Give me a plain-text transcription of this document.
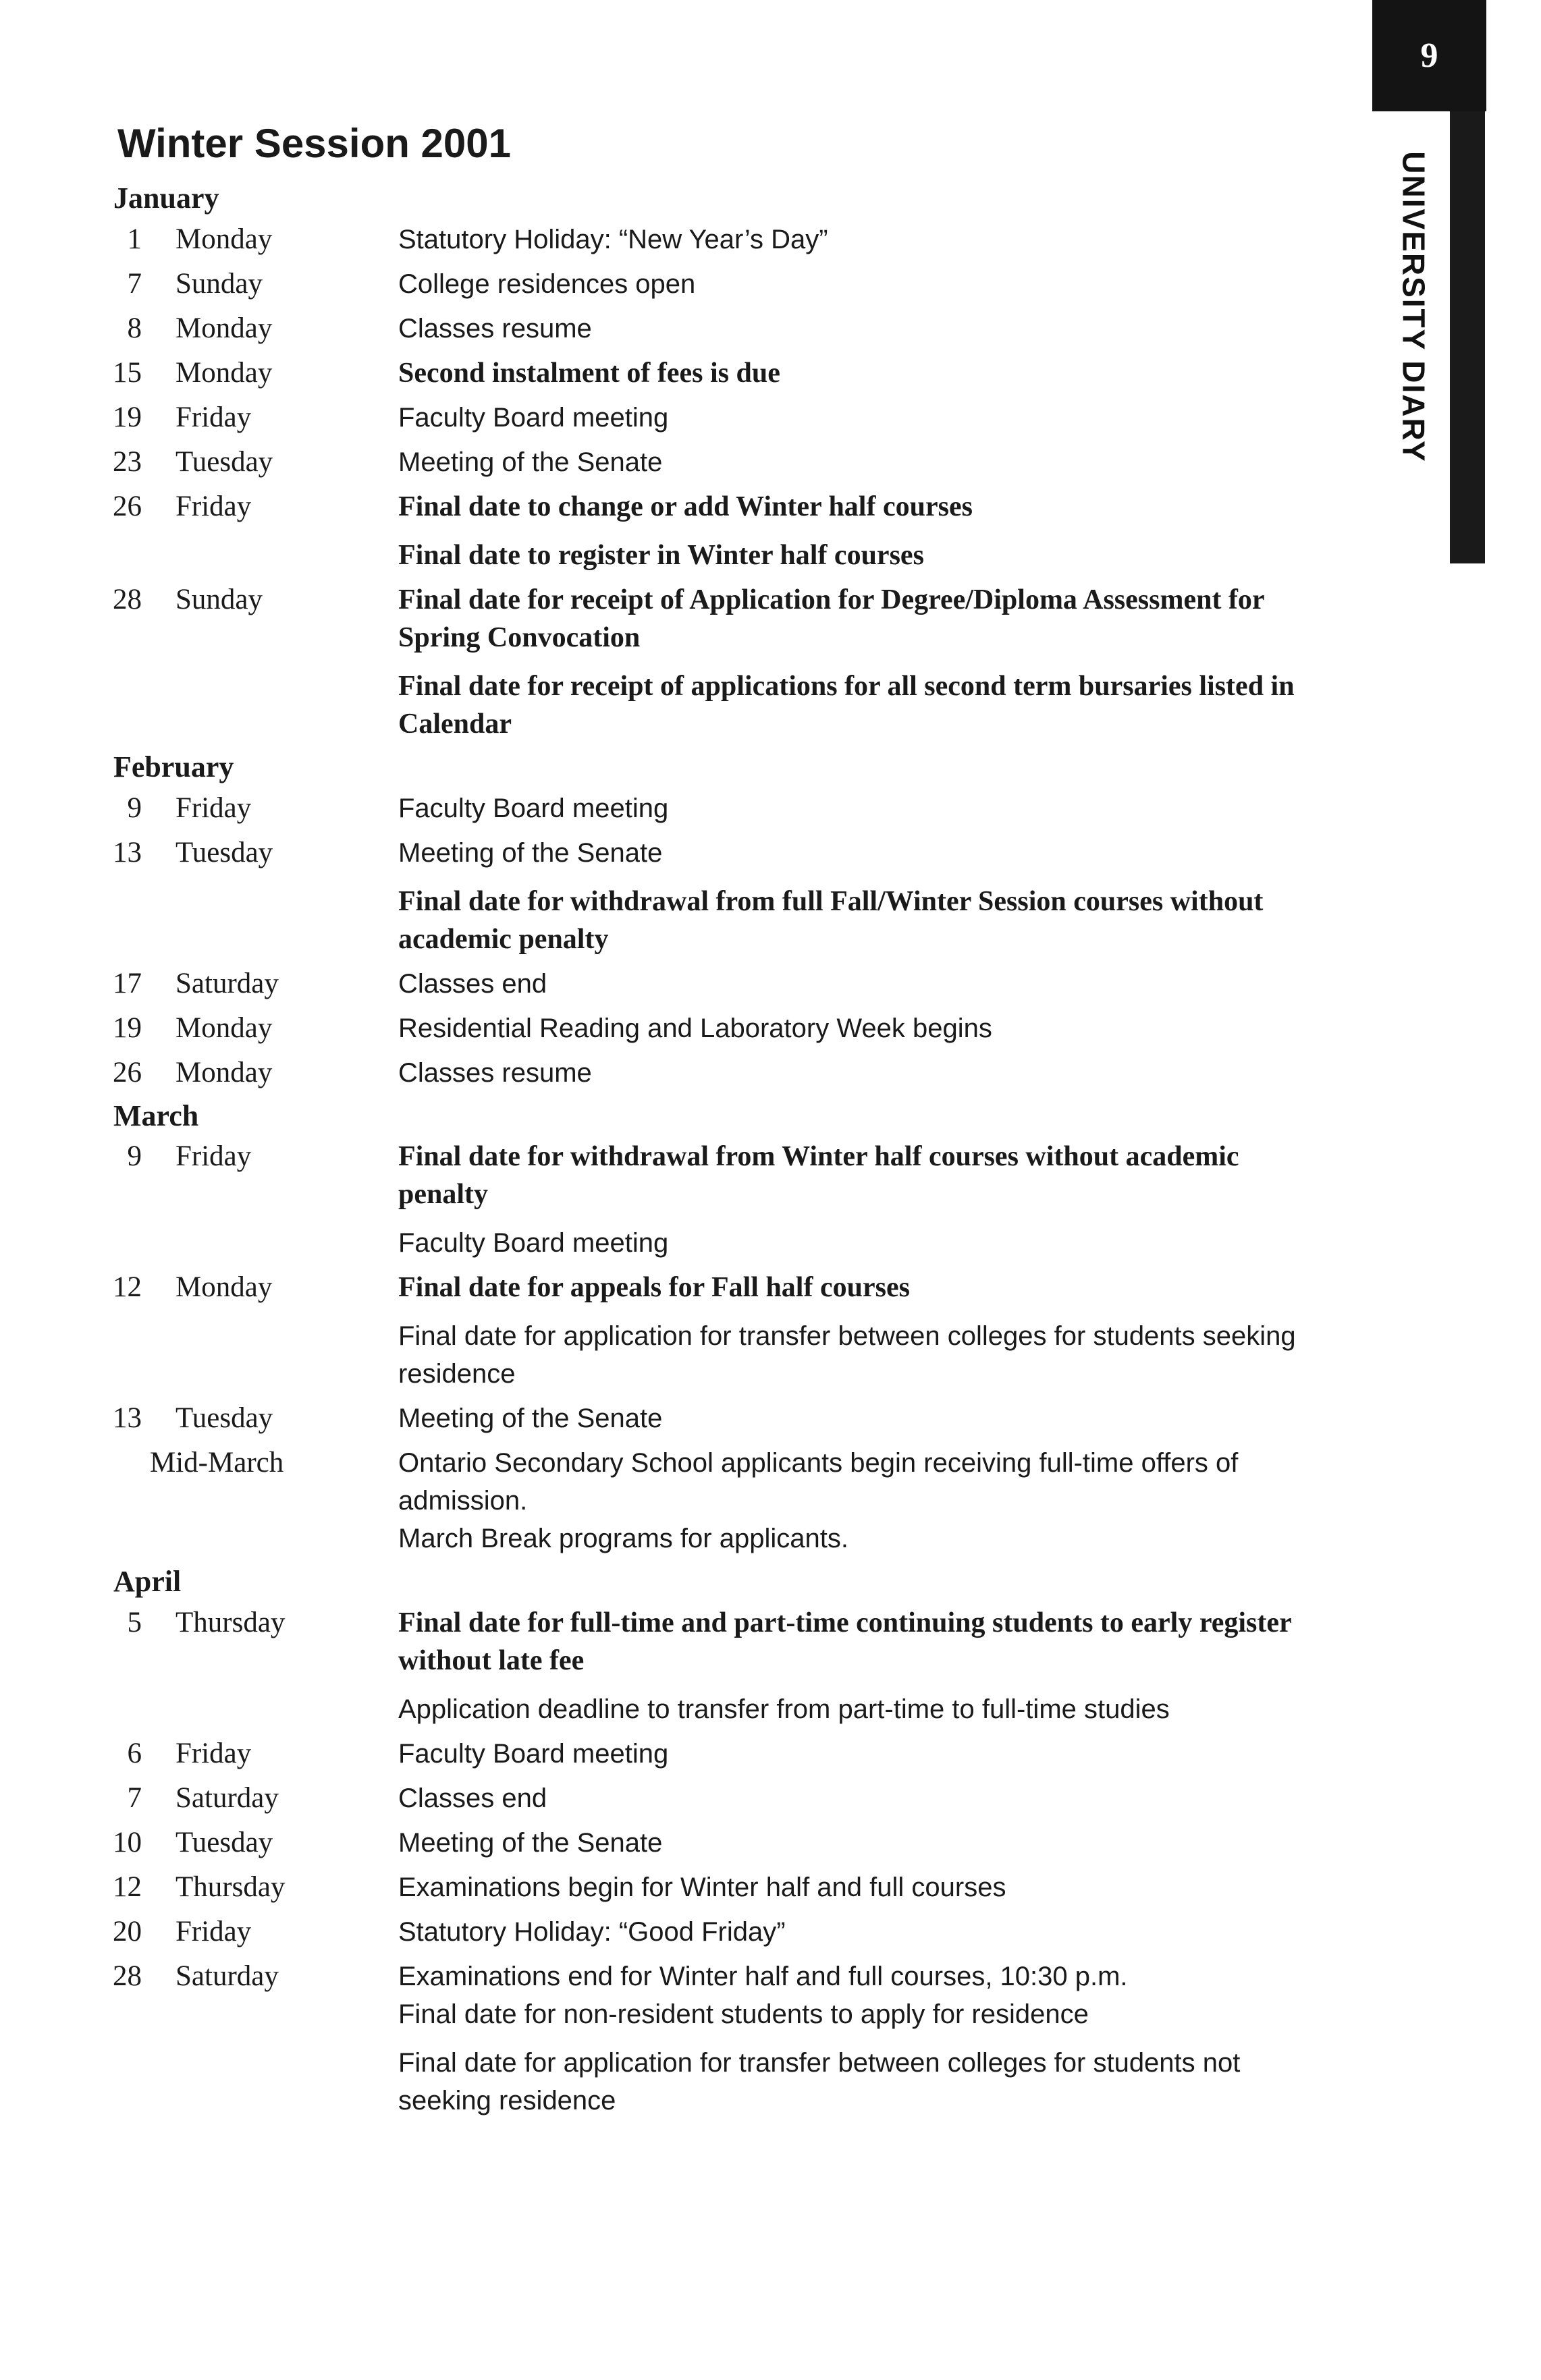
9
UNIVERSITY DIARY
Winter Session 2001
January
1	Monday	Statutory Holiday: “New Year’s Day”
7	Sunday	College residences open
8	Monday	Classes resume
15	Monday	Second instalment of fees is due
19	Friday	Faculty Board meeting
23	Tuesday	Meeting of the Senate
26	Friday	Final date to change or add Winter half courses
Final date to register in Winter half courses
28	Sunday	Final date for receipt of Application for Degree/Diploma Assessment for
Spring Convocation
Final date for receipt of applications for all second term bursaries listed in
Calendar
February
9	Friday	Faculty Board meeting
13	Tuesday	Meeting of the Senate
Final date for withdrawal from full Fall/Winter Session courses without
academic penalty
17	Saturday	Classes end
19	Monday	Residential Reading and Laboratory Week begins
26	Monday	Classes resume
March
9	Friday	Final date for withdrawal from Winter half courses without academic
penalty
Faculty Board meeting
12	Monday	Final date for appeals for Fall half courses
Final date for application for transfer between colleges for students seeking
residence
13	Tuesday	Meeting of the Senate
Mid-March	Ontario Secondary School applicants begin receiving full-time offers of admission.
March Break programs for applicants.
April
5	Thursday	Final date for full-time and part-time continuing students to early register
without late fee
Application deadline to transfer from part-time to full-time studies
6	Friday	Faculty Board meeting
7	Saturday	Classes end
10	Tuesday	Meeting of the Senate
12	Thursday	Examinations begin for Winter half and full courses
20	Friday	Statutory Holiday: “Good Friday”
28	Saturday	Examinations end for Winter half and full courses, 10:30 p.m.
Final date for non-resident students to apply for residence
Final date for application for transfer between colleges for students not
seeking residence
